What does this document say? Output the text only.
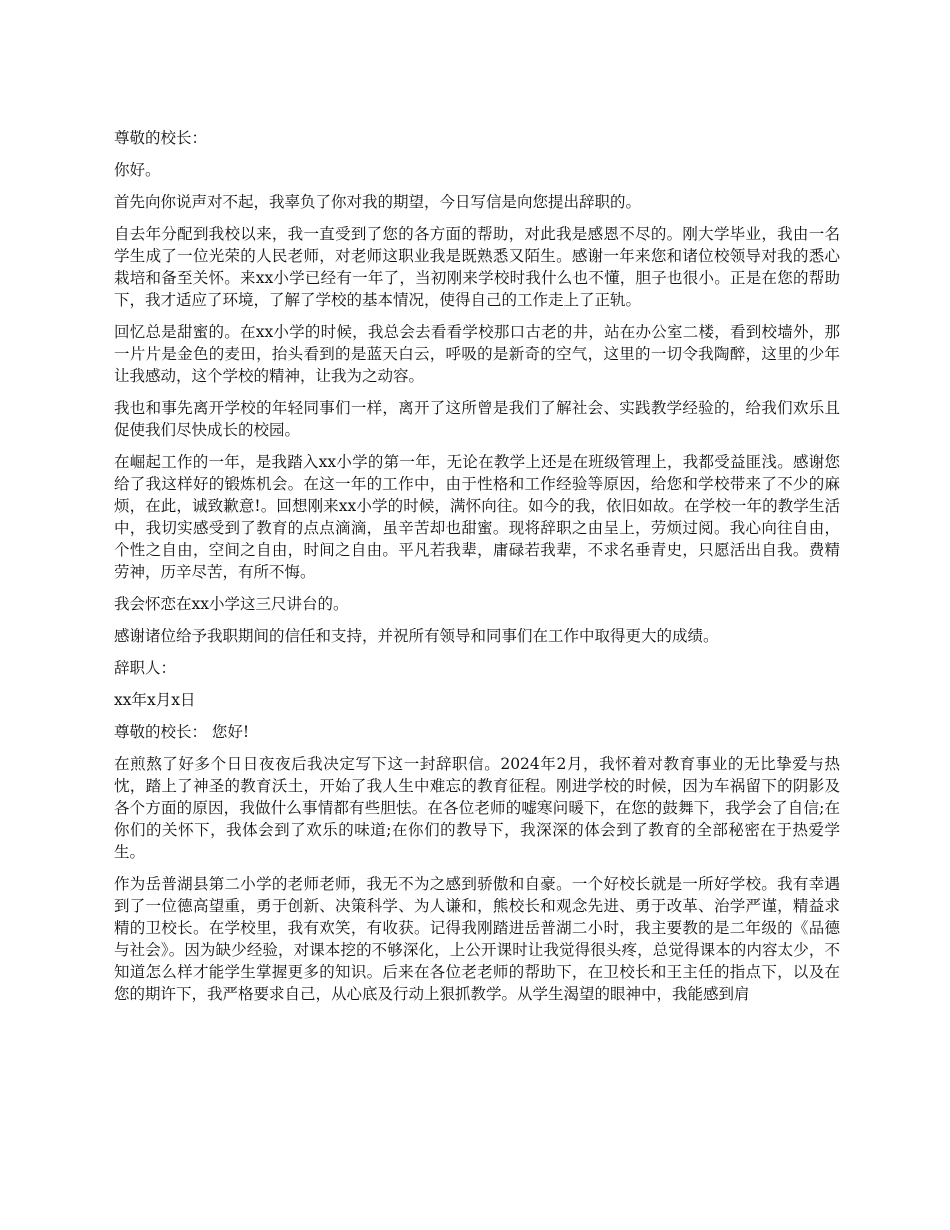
尊敬的校长：

你好。

首先向你说声对不起，我辜负了你对我的期望，今日写信是向您提出辞职的。

自去年分配到我校以来，我一直受到了您的各方面的帮助，对此我是感恩不尽的。刚大学毕业，我由一名学生成了一位光荣的人民老师，对老师这职业我是既熟悉又陌生。感谢一年来您和诸位校领导对我的悉心栽培和备至关怀。来xx小学已经有一年了，当初刚来学校时我什么也不懂，胆子也很小。正是在您的帮助下，我才适应了环境，了解了学校的基本情况，使得自己的工作走上了正轨。

回忆总是甜蜜的。在xx小学的时候，我总会去看看学校那口古老的井，站在办公室二楼，看到校墙外，那一片片是金色的麦田，抬头看到的是蓝天白云，呼吸的是新奇的空气，这里的一切令我陶醉，这里的少年让我感动，这个学校的精神，让我为之动容。

我也和事先离开学校的年轻同事们一样，离开了这所曾是我们了解社会、实践教学经验的，给我们欢乐且促使我们尽快成长的校园。

在崛起工作的一年，是我踏入xx小学的第一年，无论在教学上还是在班级管理上，我都受益匪浅。感谢您给了我这样好的锻炼机会。在这一年的工作中，由于性格和工作经验等原因，给您和学校带来了不少的麻烦，在此，诚致歉意!。回想刚来xx小学的时候，满怀向往。如今的我，依旧如故。在学校一年的教学生活中，我切实感受到了教育的点点滴滴，虽辛苦却也甜蜜。现将辞职之由呈上，劳烦过阅。我心向往自由，个性之自由，空间之自由，时间之自由。平凡若我辈，庸碌若我辈，不求名垂青史，只愿活出自我。费精劳神，历辛尽苦，有所不悔。

我会怀恋在xx小学这三尺讲台的。

感谢诸位给予我职期间的信任和支持，并祝所有领导和同事们在工作中取得更大的成绩。

辞职人：

xx年x月x日

尊敬的校长： 您好!

在煎熬了好多个日日夜夜后我决定写下这一封辞职信。2024年2月，我怀着对教育事业的无比挚爱与热忱，踏上了神圣的教育沃土，开始了我人生中难忘的教育征程。刚进学校的时候，因为车祸留下的阴影及各个方面的原因，我做什么事情都有些胆怯。在各位老师的嘘寒问暖下，在您的鼓舞下，我学会了自信;在你们的关怀下，我体会到了欢乐的味道;在你们的教导下，我深深的体会到了教育的全部秘密在于热爱学生。

作为岳普湖县第二小学的老师老师，我无不为之感到骄傲和自豪。一个好校长就是一所好学校。我有幸遇到了一位德高望重，勇于创新、决策科学、为人谦和，熊校长和观念先进、勇于改革、治学严谨，精益求精的卫校长。在学校里，我有欢笑，有收获。记得我刚踏进岳普湖二小时，我主要教的是二年级的《品德与社会》。因为缺少经验，对课本挖的不够深化，上公开课时让我觉得很头疼，总觉得课本的内容太少，不知道怎么样才能学生掌握更多的知识。后来在各位老老师的帮助下，在卫校长和王主任的指点下，以及在您的期许下，我严格要求自己，从心底及行动上狠抓教学。从学生渴望的眼神中，我能感到肩
